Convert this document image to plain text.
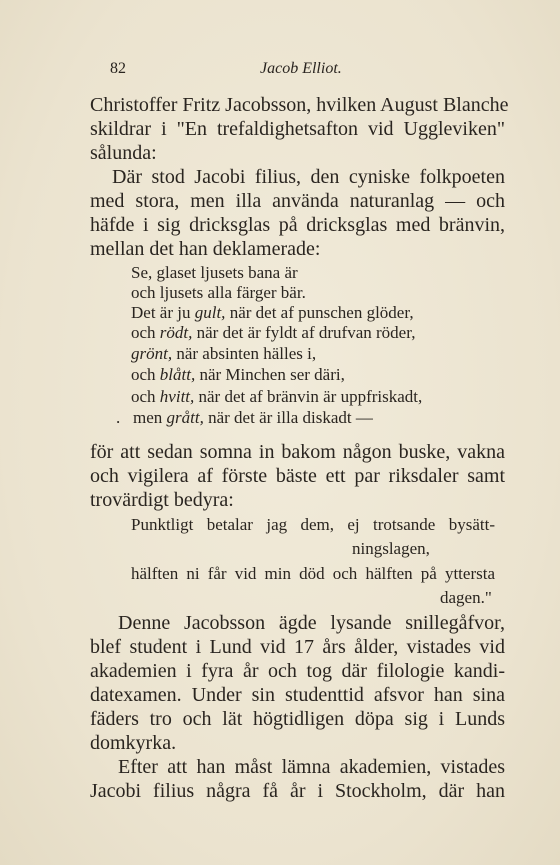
82	Jacob Elliot.
Christoffer Fritz Jacobsson, hvilken August Blanche
skildrar i "En trefaldighetsafton vid Uggleviken"
sålunda:
Där stod Jacobi filius, den cyniske folkpoeten
med stora, men illa använda naturanlag — och
häfde i sig dricksglas på dricksglas med bränvin,
mellan det han deklamerade:
Se, glaset ljusets bana är
och ljusets alla färger bär.
Det är ju gult, när det af punschen glöder,
och rödt, när det är fyldt af drufvan röder,
grönt, när absinten hälles i,
och blått, när Minchen ser däri,
och hvitt, när det af bränvin är uppfriskadt,
. men grått, när det är illa diskadt —
för att sedan somna in bakom någon buske, vakna
och vigilera af förste bäste ett par riksdaler samt
trovärdigt bedyra:
Punktligt betalar jag dem, ej trotsande bysätt-
ningslagen,
hälften ni får vid min död och hälften på yttersta
dagen."
Denne Jacobsson ägde lysande snillegåfvor,
blef student i Lund vid 17 års ålder, vistades vid
akademien i fyra år och tog där filologie kandi-
datexamen. Under sin studenttid afsvor han sina
fäders tro och lät högtidligen döpa sig i Lunds
domkyrka.
Efter att han måst lämna akademien, vistades
Jacobi filius några få år i Stockholm, där han
